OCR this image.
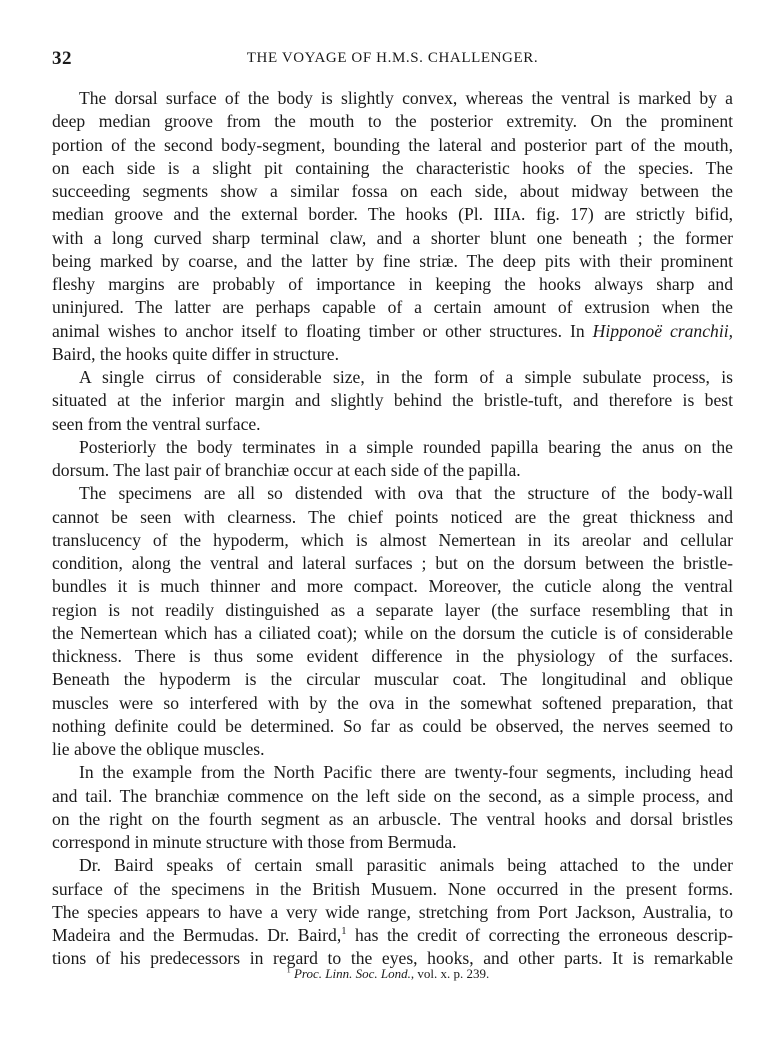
32	THE VOYAGE OF H.M.S. CHALLENGER.
The dorsal surface of the body is slightly convex, whereas the ventral is marked by a
deep median groove from the mouth to the posterior extremity. On the prominent
portion of the second body-segment, bounding the lateral and posterior part of the mouth,
on each side is a slight pit containing the characteristic hooks of the species. The
succeeding segments show a similar fossa on each side, about midway between the
median groove and the external border. The hooks (Pl. IIIA. fig. 17) are strictly bifid,
with a long curved sharp terminal claw, and a shorter blunt one beneath ; the former
being marked by coarse, and the latter by fine striæ. The deep pits with their prominent
fleshy margins are probably of importance in keeping the hooks always sharp and
uninjured. The latter are perhaps capable of a certain amount of extrusion when the
animal wishes to anchor itself to floating timber or other structures. In Hipponoë cranchii,
Baird, the hooks quite differ in structure.
A single cirrus of considerable size, in the form of a simple subulate process, is
situated at the inferior margin and slightly behind the bristle-tuft, and therefore is best
seen from the ventral surface.
Posteriorly the body terminates in a simple rounded papilla bearing the anus on the
dorsum. The last pair of branchiæ occur at each side of the papilla.
The specimens are all so distended with ova that the structure of the body-wall
cannot be seen with clearness. The chief points noticed are the great thickness and
translucency of the hypoderm, which is almost Nemertean in its areolar and cellular
condition, along the ventral and lateral surfaces ; but on the dorsum between the bristle-
bundles it is much thinner and more compact. Moreover, the cuticle along the ventral
region is not readily distinguished as a separate layer (the surface resembling that in
the Nemertean which has a ciliated coat); while on the dorsum the cuticle is of considerable
thickness. There is thus some evident difference in the physiology of the surfaces.
Beneath the hypoderm is the circular muscular coat. The longitudinal and oblique
muscles were so interfered with by the ova in the somewhat softened preparation, that
nothing definite could be determined. So far as could be observed, the nerves seemed to
lie above the oblique muscles.
In the example from the North Pacific there are twenty-four segments, including head
and tail. The branchiæ commence on the left side on the second, as a simple process, and
on the right on the fourth segment as an arbuscle. The ventral hooks and dorsal bristles
correspond in minute structure with those from Bermuda.
Dr. Baird speaks of certain small parasitic animals being attached to the under
surface of the specimens in the British Musuem. None occurred in the present forms.
The species appears to have a very wide range, stretching from Port Jackson, Australia, to
Madeira and the Bermudas. Dr. Baird,$^1$ has the credit of correcting the erroneous descrip-
tions of his predecessors in regard to the eyes, hooks, and other parts. It is remarkable
$^1$ Proc. Linn. Soc. Lond., vol. x. p. 239.
